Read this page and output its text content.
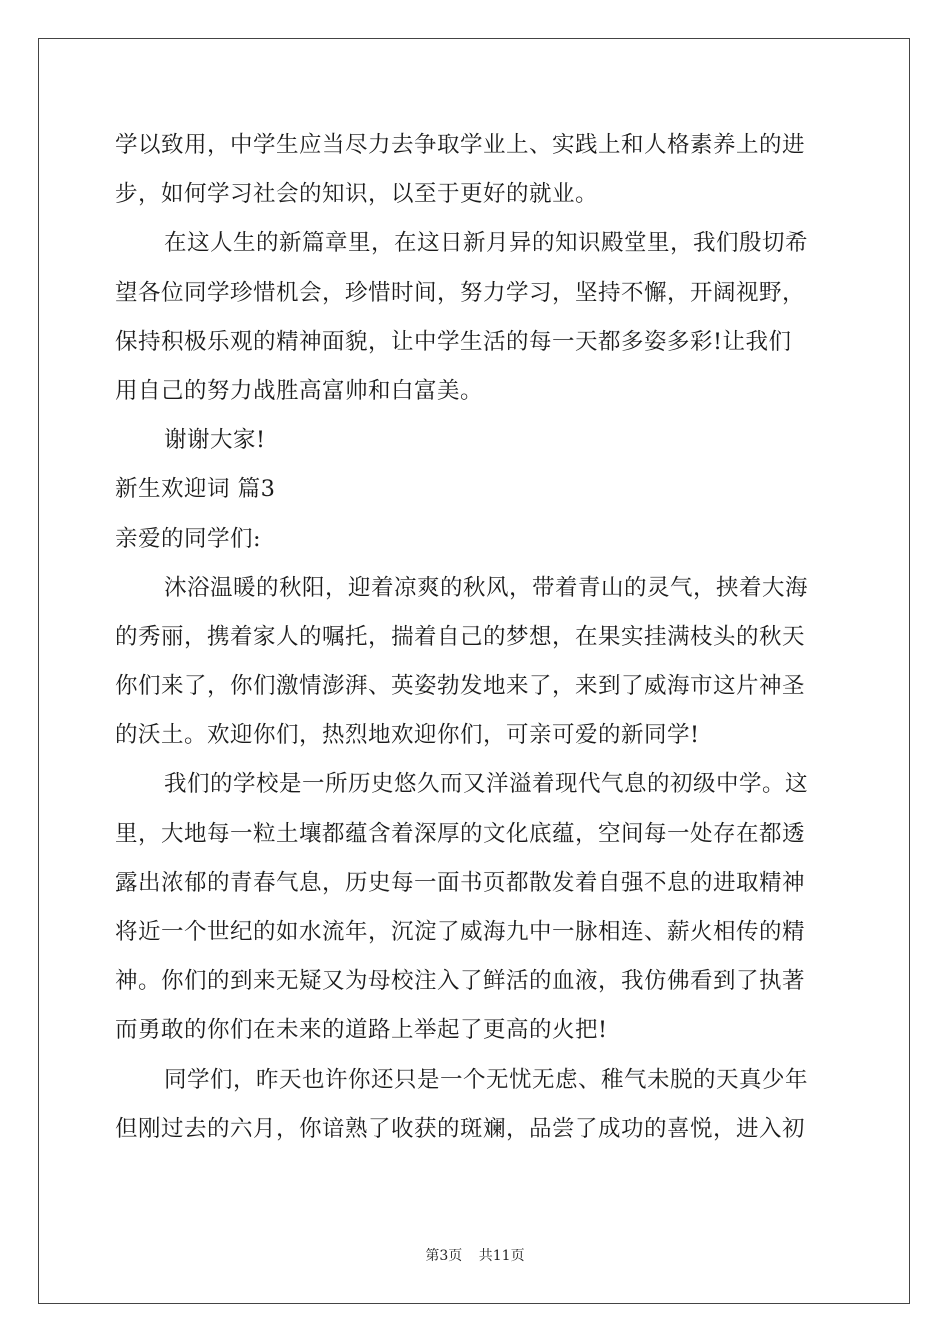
学以致用，中学生应当尽力去争取学业上、实践上和人格素养上的进
步，如何学习社会的知识，以至于更好的就业。
在这人生的新篇章里，在这日新月异的知识殿堂里，我们殷切希
望各位同学珍惜机会，珍惜时间，努力学习，坚持不懈，开阔视野，
保持积极乐观的精神面貌，让中学生活的每一天都多姿多彩!让我们
用自己的努力战胜高富帅和白富美。
谢谢大家!
新生欢迎词 篇3
亲爱的同学们:
沐浴温暖的秋阳，迎着凉爽的秋风，带着青山的灵气，挟着大海
的秀丽，携着家人的嘱托，揣着自己的梦想，在果实挂满枝头的秋天
你们来了，你们激情澎湃、英姿勃发地来了，来到了威海市这片神圣
的沃土。欢迎你们，热烈地欢迎你们，可亲可爱的新同学!
我们的学校是一所历史悠久而又洋溢着现代气息的初级中学。这
里，大地每一粒土壤都蕴含着深厚的文化底蕴，空间每一处存在都透
露出浓郁的青春气息，历史每一面书页都散发着自强不息的进取精神
将近一个世纪的如水流年，沉淀了威海九中一脉相连、薪火相传的精
神。你们的到来无疑又为母校注入了鲜活的血液，我仿佛看到了执著
而勇敢的你们在未来的道路上举起了更高的火把!
同学们，昨天也许你还只是一个无忧无虑、稚气未脱的天真少年
但刚过去的六月，你谙熟了收获的斑斓，品尝了成功的喜悦，进入初
第3页 共11页
